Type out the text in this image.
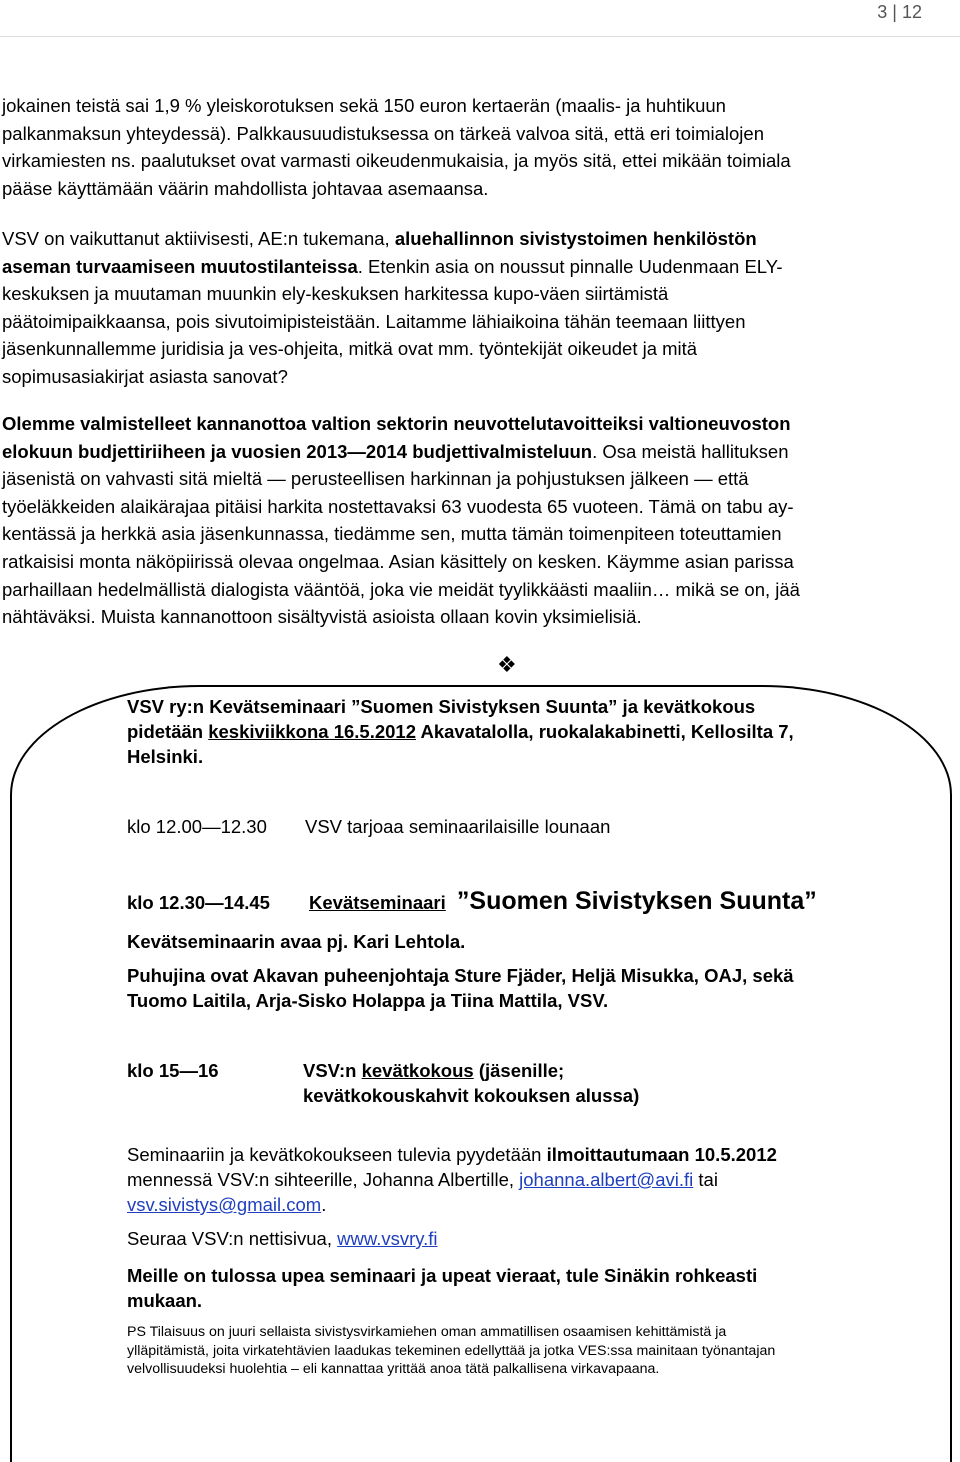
3 | 12

jokainen teistä sai 1,9 % yleiskorotuksen sekä 150 euron kertaerän (maalis- ja huhtikuun
palkanmaksun yhteydessä). Palkkausuudistuksessa on tärkeä valvoa sitä, että eri toimialojen
virkamiesten ns. paalutukset ovat varmasti oikeudenmukaisia, ja myös sitä, ettei mikään toimiala
pääse käyttämään väärin mahdollista johtavaa asemaansa.

VSV on vaikuttanut aktiivisesti, AE:n tukemana, aluehallinnon sivistystoimen henkilöstön
aseman turvaamiseen muutostilanteissa. Etenkin asia on noussut pinnalle Uudenmaan ELY-
keskuksen ja muutaman muunkin ely-keskuksen harkitessa kupo-väen siirtämistä
päätoimipaikkaansa, pois sivutoimipisteistään. Laitamme lähiaikoina tähän teemaan liittyen
jäsenkunnallemme juridisia ja ves-ohjeita, mitkä ovat mm. työntekijät oikeudet ja mitä
sopimusasiakirjat asiasta sanovat?

Olemme valmistelleet kannanottoa valtion sektorin neuvottelutavoitteiksi valtioneuvoston
elokuun budjettiriiheen ja vuosien 2013—2014 budjettivalmisteluun. Osa meistä hallituksen
jäsenistä on vahvasti sitä mieltä — perusteellisen harkinnan ja pohjustuksen jälkeen — että
työeläkkeiden alaikärajaa pitäisi harkita nostettavaksi 63 vuodesta 65 vuoteen. Tämä on tabu ay-
kentässä ja herkkä asia jäsenkunnassa, tiedämme sen, mutta tämän toimenpiteen toteuttamien
ratkaisisi monta näköpiirissä olevaa ongelmaa. Asian käsittely on kesken. Käymme asian parissa
parhaillaan hedelmällistä dialogista vääntöä, joka vie meidät tyylikkäästi maaliin… mikä se on, jää
nähtäväksi. Muista kannanottoon sisältyvistä asioista ollaan kovin yksimielisiä.

❖
VSV ry:n Kevätseminaari ”Suomen Sivistyksen Suunta” ja kevätkokous
pidetään keskiviikkona 16.5.2012 Akavatalolla, ruokalakabinetti, Kellosilta 7,
Helsinki.
klo 12.00—12.30 VSV tarjoaa seminaarilaisille lounaan
klo 12.30—14.45 Kevätseminaari ”Suomen Sivistyksen Suunta”
Kevätseminaarin avaa pj. Kari Lehtola.
Puhujina ovat Akavan puheenjohtaja Sture Fjäder, Heljä Misukka, OAJ, sekä
Tuomo Laitila, Arja-Sisko Holappa ja Tiina Mattila, VSV.
klo 15—16	VSV:n kevätkokous (jäsenille;
kevätkokouskahvit kokouksen alussa)
Seminaariin ja kevätkokoukseen tulevia pyydetään ilmoittautumaan 10.5.2012
mennessä VSV:n sihteerille, Johanna Albertille, johanna.albert@avi.fi tai
vsv.sivistys@gmail.com.
Seuraa VSV:n nettisivua, www.vsvry.fi
Meille on tulossa upea seminaari ja upeat vieraat, tule Sinäkin rohkeasti
mukaan.
PS Tilaisuus on juuri sellaista sivistysvirkamiehen oman ammatillisen osaamisen kehittämistä ja
ylläpitämistä, joita virkatehtävien laadukas tekeminen edellyttää ja jotka VES:ssa mainitaan työnantajan
velvollisuudeksi huolehtia – eli kannattaa yrittää anoa tätä palkallisena virkavapaana.
